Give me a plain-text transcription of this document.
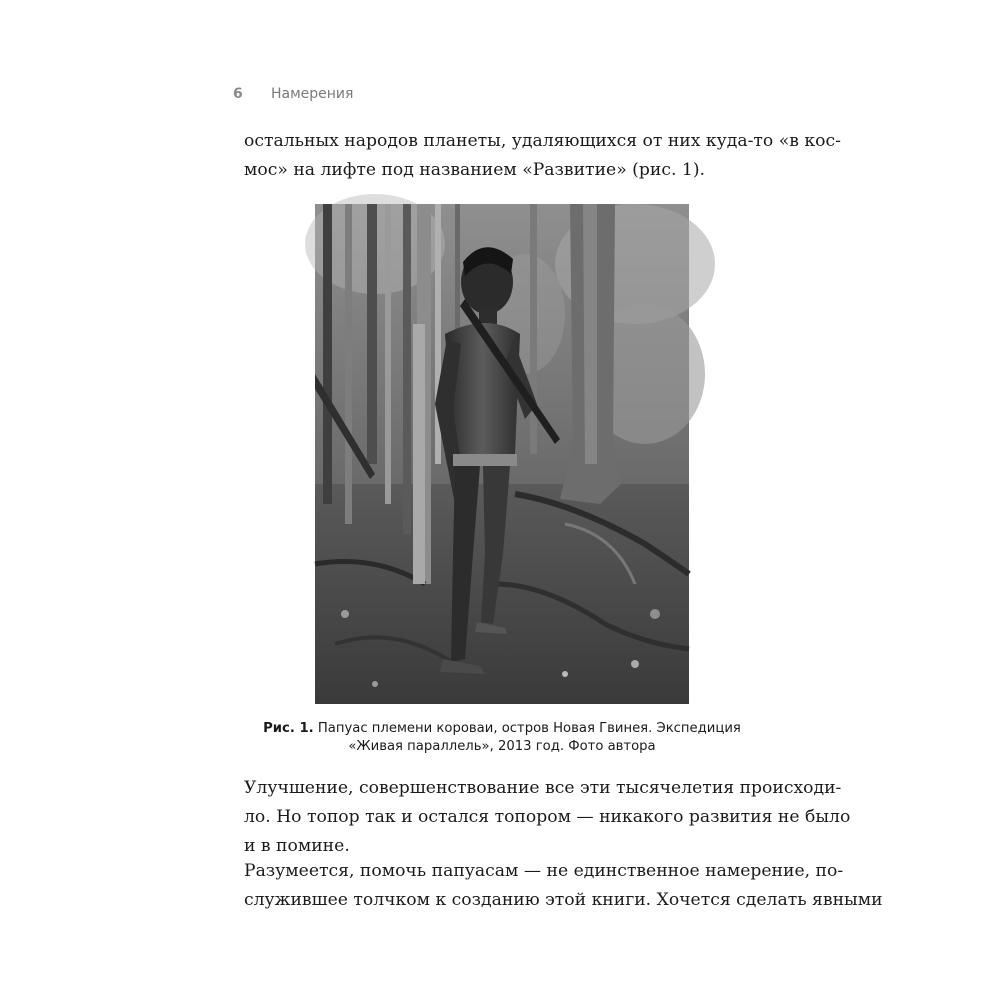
6 Намерения
остальных народов планеты, удаляющихся от них куда-то «в кос-
мос» на лифте под названием «Развитие» (рис. 1).
Рис. 1. Папуас племени короваи, остров Новая Гвинея. Экспедиция
«Живая параллель», 2013 год. Фото автора
Улучшение, совершенствование все эти тысячелетия происходи-
ло. Но топор так и остался топором — никакого развития не было
и в помине.
Разумеется, помочь папуасам — не единственное намерение, по-
служившее толчком к созданию этой книги. Хочется сделать явными
